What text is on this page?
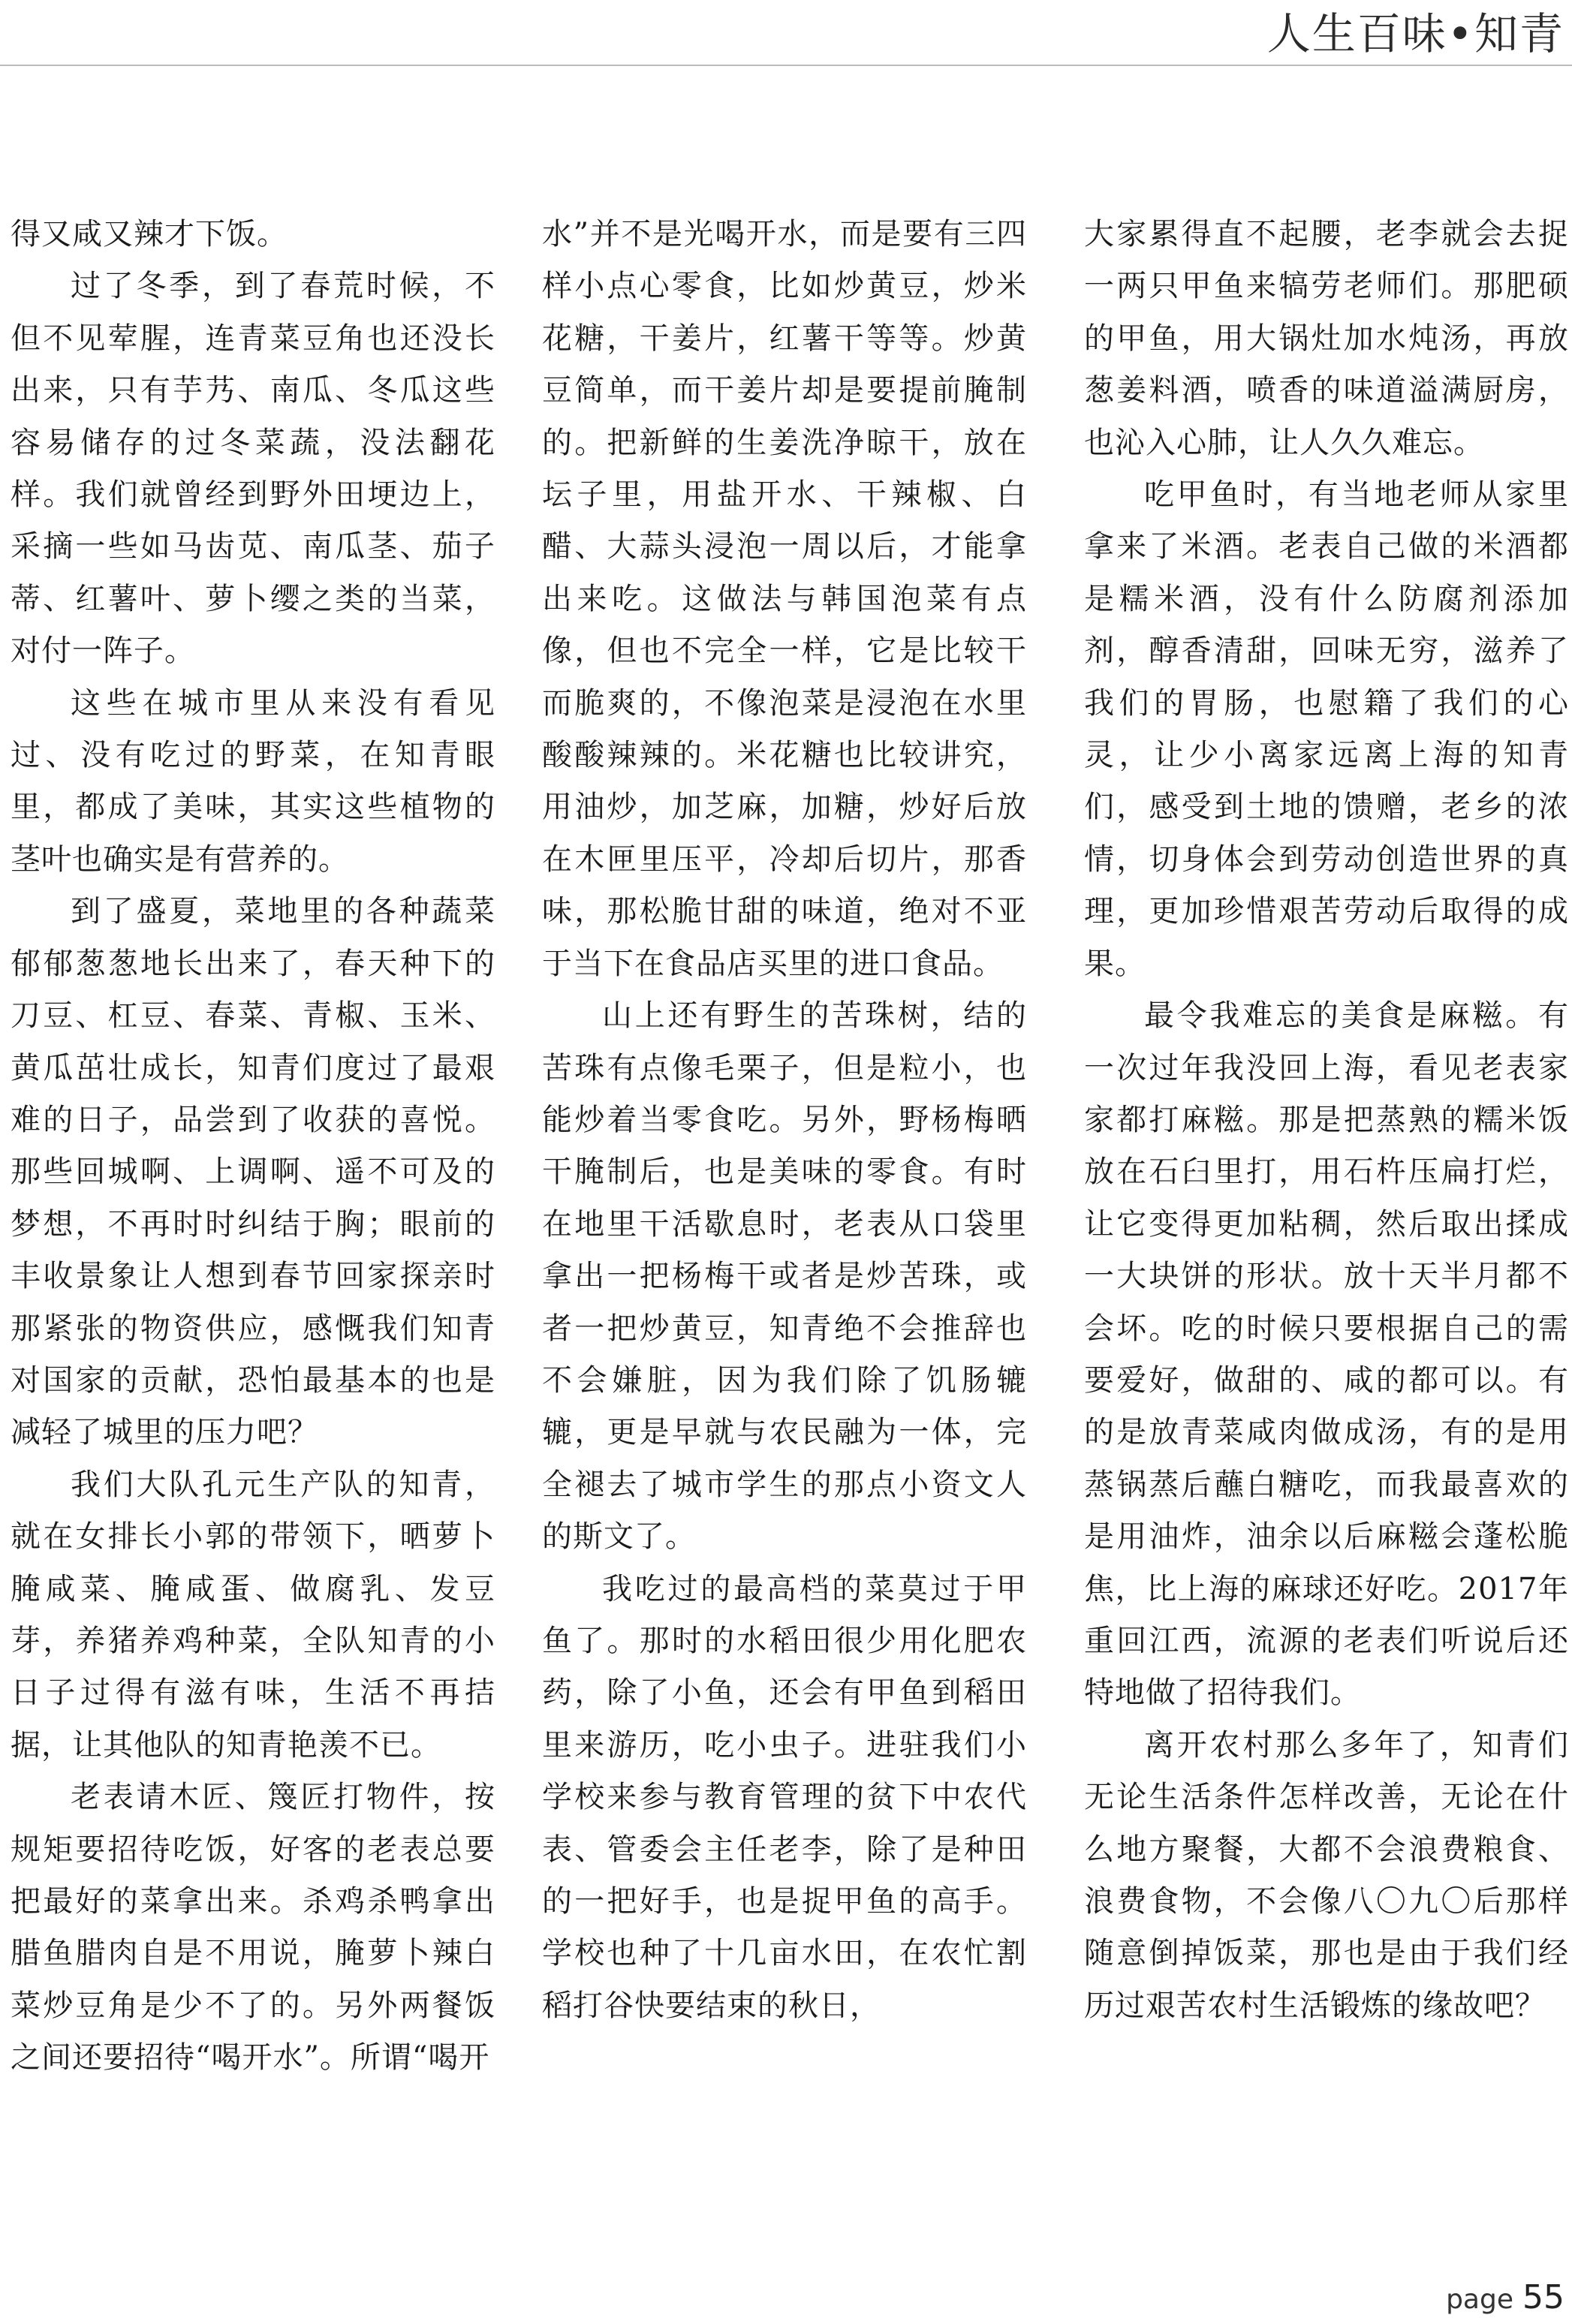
人生百味•知青

得又咸又辣才下饭。

过了冬季，到了春荒时候，不但不见荤腥，连青菜豆角也还没长出来，只有芋艿、南瓜、冬瓜这些容易储存的过冬菜蔬，没法翻花样。我们就曾经到野外田埂边上，采摘一些如马齿苋、南瓜茎、茄子蒂、红薯叶、萝卜缨之类的当菜，对付一阵子。

这些在城市里从来没有看见过、没有吃过的野菜，在知青眼里，都成了美味，其实这些植物的茎叶也确实是有营养的。

到了盛夏，菜地里的各种蔬菜郁郁葱葱地长出来了，春天种下的刀豆、杠豆、春菜、青椒、玉米、黄瓜茁壮成长，知青们度过了最艰难的日子，品尝到了收获的喜悦。那些回城啊、上调啊、遥不可及的梦想，不再时时纠结于胸；眼前的丰收景象让人想到春节回家探亲时那紧张的物资供应，感慨我们知青对国家的贡献，恐怕最基本的也是减轻了城里的压力吧？

我们大队孔元生产队的知青，就在女排长小郭的带领下，晒萝卜腌咸菜、腌咸蛋、做腐乳、发豆芽，养猪养鸡种菜，全队知青的小日子过得有滋有味，生活不再拮据，让其他队的知青艳羡不已。

老表请木匠、篾匠打物件，按规矩要招待吃饭，好客的老表总要把最好的菜拿出来。杀鸡杀鸭拿出腊鱼腊肉自是不用说，腌萝卜辣白菜炒豆角是少不了的。另外两餐饭之间还要招待“喝开水”。所谓“喝开

水”并不是光喝开水，而是要有三四样小点心零食，比如炒黄豆，炒米花糖，干姜片，红薯干等等。炒黄豆简单，而干姜片却是要提前腌制的。把新鲜的生姜洗净晾干，放在坛子里，用盐开水、干辣椒、白醋、大蒜头浸泡一周以后，才能拿出来吃。这做法与韩国泡菜有点像，但也不完全一样，它是比较干而脆爽的，不像泡菜是浸泡在水里酸酸辣辣的。米花糖也比较讲究，用油炒，加芝麻，加糖，炒好后放在木匣里压平，冷却后切片，那香味，那松脆甘甜的味道，绝对不亚于当下在食品店买里的进口食品。

山上还有野生的苦珠树，结的苦珠有点像毛栗子，但是粒小，也能炒着当零食吃。另外，野杨梅晒干腌制后，也是美味的零食。有时在地里干活歇息时，老表从口袋里拿出一把杨梅干或者是炒苦珠，或者一把炒黄豆，知青绝不会推辞也不会嫌脏，因为我们除了饥肠辘辘，更是早就与农民融为一体，完全褪去了城市学生的那点小资文人的斯文了。

我吃过的最高档的菜莫过于甲鱼了。那时的水稻田很少用化肥农药，除了小鱼，还会有甲鱼到稻田里来游历，吃小虫子。进驻我们小学校来参与教育管理的贫下中农代表、管委会主任老李，除了是种田的一把好手，也是捉甲鱼的高手。学校也种了十几亩水田，在农忙割稻打谷快要结束的秋日，

大家累得直不起腰，老李就会去捉一两只甲鱼来犒劳老师们。那肥硕的甲鱼，用大锅灶加水炖汤，再放葱姜料酒，喷香的味道溢满厨房，也沁入心肺，让人久久难忘。

吃甲鱼时，有当地老师从家里拿来了米酒。老表自己做的米酒都是糯米酒，没有什么防腐剂添加剂，醇香清甜，回味无穷，滋养了我们的胃肠，也慰籍了我们的心灵，让少小离家远离上海的知青们，感受到土地的馈赠，老乡的浓情，切身体会到劳动创造世界的真理，更加珍惜艰苦劳动后取得的成果。

最令我难忘的美食是麻糍。有一次过年我没回上海，看见老表家家都打麻糍。那是把蒸熟的糯米饭放在石臼里打，用石杵压扁打烂，让它变得更加粘稠，然后取出揉成一大块饼的形状。放十天半月都不会坏。吃的时候只要根据自己的需要爱好，做甜的、咸的都可以。有的是放青菜咸肉做成汤，有的是用蒸锅蒸后蘸白糖吃，而我最喜欢的是用油炸，油余以后麻糍会蓬松脆焦，比上海的麻球还好吃。2017年重回江西，流源的老表们听说后还特地做了招待我们。

离开农村那么多年了，知青们无论生活条件怎样改善，无论在什么地方聚餐，大都不会浪费粮食、浪费食物，不会像八〇九〇后那样随意倒掉饭菜，那也是由于我们经历过艰苦农村生活锻炼的缘故吧？

page 55
